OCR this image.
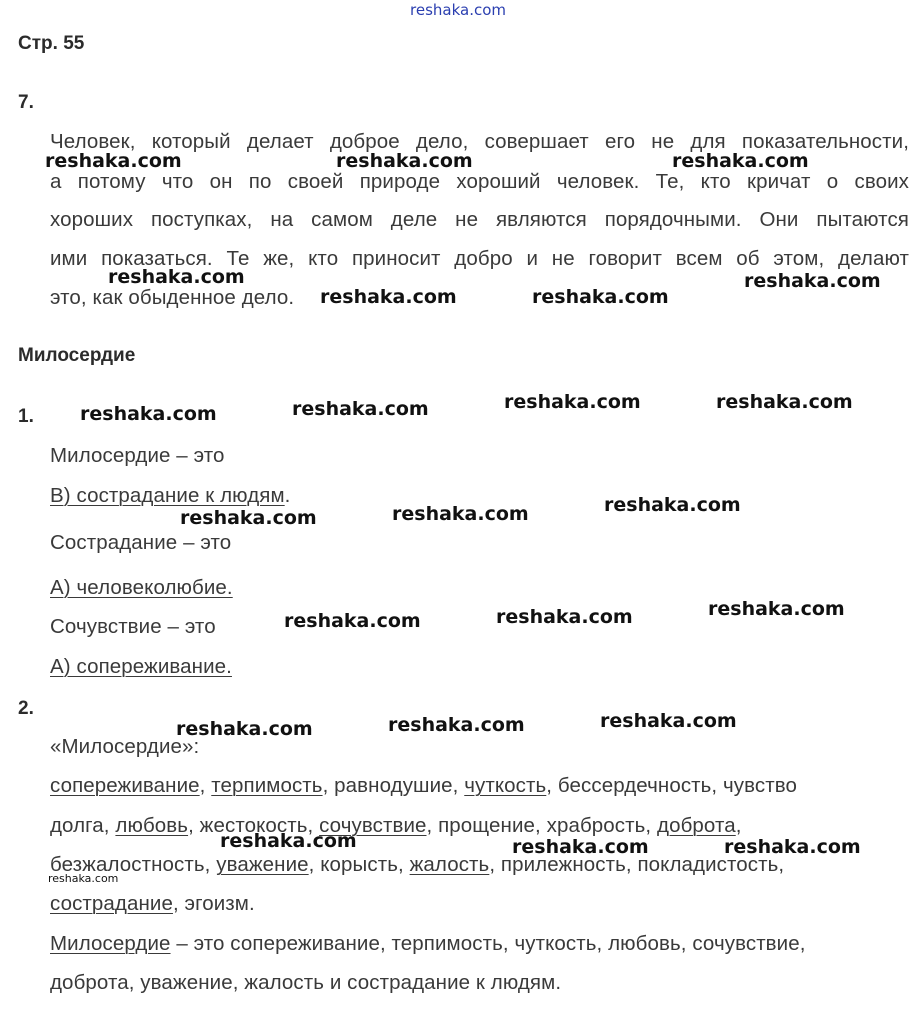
reshaka.com
Стр. 55
7.
Человек, который делает доброе дело, совершает его не для показательности,
а потому что он по своей природе хороший человек. Те, кто кричат о своих
хороших поступках, на самом деле не являются порядочными. Они пытаются
ими показаться. Те же, кто приносит добро и не говорит всем об этом, делают
это, как обыденное дело.
Милосердие
1.
Милосердие – это
В) сострадание к людям.
Сострадание – это
А) человеколюбие.
Сочувствие – это
А) сопереживание.
2.
«Милосердие»:
сопереживание, терпимость, равнодушие, чуткость, бессердечность, чувство
долга, любовь, жестокость, сочувствие, прощение, храбрость, доброта,
безжалостность, уважение, корысть, жалость, прилежность, покладистость,
сострадание, эгоизм.
Милосердие – это сопереживание, терпимость, чуткость, любовь, сочувствие,
доброта, уважение, жалость и сострадание к людям.
reshaka.com	reshaka.com	reshaka.com
reshaka.com	reshaka.com
reshaka.com	reshaka.com
reshaka.com	reshaka.com
reshaka.com
reshaka.com
reshaka.com
reshaka.com
reshaka.com
reshaka.com
reshaka.com
reshaka.com
reshaka.com
reshaka.com
reshaka.com
reshaka.com	reshaka.com	reshaka.com
reshaka.com
